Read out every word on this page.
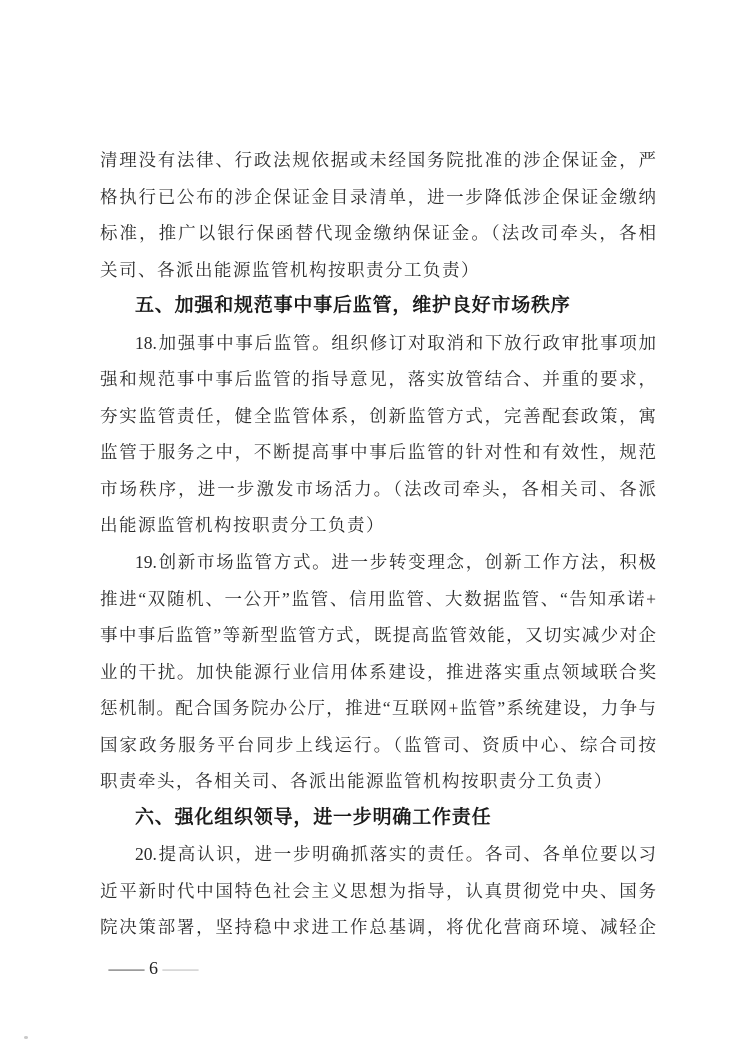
清理没有法律、行政法规依据或未经国务院批准的涉企保证金，严
格执行已公布的涉企保证金目录清单，进一步降低涉企保证金缴纳
标准，推广以银行保函替代现金缴纳保证金。（法改司牵头，各相
关司、各派出能源监管机构按职责分工负责）
五、加强和规范事中事后监管，维护良好市场秩序
18.加强事中事后监管。组织修订对取消和下放行政审批事项加
强和规范事中事后监管的指导意见，落实放管结合、并重的要求，
夯实监管责任，健全监管体系，创新监管方式，完善配套政策，寓
监管于服务之中，不断提高事中事后监管的针对性和有效性，规范
市场秩序，进一步激发市场活力。（法改司牵头，各相关司、各派
出能源监管机构按职责分工负责）
19.创新市场监管方式。进一步转变理念，创新工作方法，积极
推进“双随机、一公开”监管、信用监管、大数据监管、“告知承诺+
事中事后监管”等新型监管方式，既提高监管效能，又切实减少对企
业的干扰。加快能源行业信用体系建设，推进落实重点领域联合奖
惩机制。配合国务院办公厅，推进“互联网+监管”系统建设，力争与
国家政务服务平台同步上线运行。（监管司、资质中心、综合司按
职责牵头，各相关司、各派出能源监管机构按职责分工负责）
六、强化组织领导，进一步明确工作责任
20.提高认识，进一步明确抓落实的责任。各司、各单位要以习
近平新时代中国特色社会主义思想为指导，认真贯彻党中央、国务
院决策部署，坚持稳中求进工作总基调，将优化营商环境、减轻企
— 6 —
